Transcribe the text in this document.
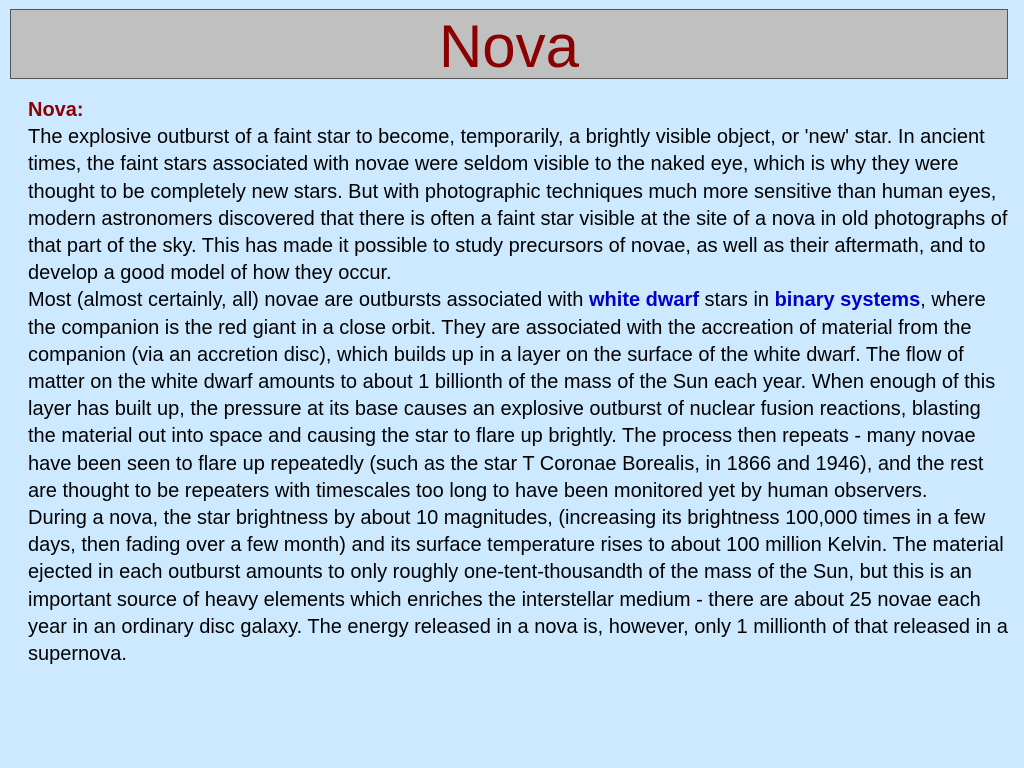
Nova
Nova:
The explosive outburst of a faint star to become, temporarily, a brightly visible object, or 'new' star. In ancient times, the faint stars associated with novae were seldom visible to the naked eye, which is why they were thought to be completely new stars. But with photographic techniques much more sensitive than human eyes, modern astronomers discovered that there is often a faint star visible at the site of a nova in old photographs of that part of the sky. This has made it possible to study precursors of novae, as well as their aftermath, and to develop a good model of how they occur.
Most (almost certainly, all) novae are outbursts associated with white dwarf stars in binary systems, where the companion is the red giant in a close orbit. They are associated with the accreation of material from the companion (via an accretion disc), which builds up in a layer on the surface of the white dwarf. The flow of matter on the white dwarf amounts to about 1 billionth of the mass of the Sun each year. When enough of this layer has built up, the pressure at its base causes an explosive outburst of nuclear fusion reactions, blasting the material out into space and causing the star to flare up brightly. The process then repeats - many novae have been seen to flare up repeatedly (such as the star T Coronae Borealis, in 1866 and 1946), and the rest are thought to be repeaters with timescales too long to have been monitored yet by human observers.
During a nova, the star brightness by about 10 magnitudes, (increasing its brightness 100,000 times in a few days, then fading over a few month) and its surface temperature rises to about 100 million Kelvin. The material ejected in each outburst amounts to only roughly one-tent-thousandth of the mass of the Sun, but this is an important source of heavy elements which enriches the interstellar medium - there are about 25 novae each year in an ordinary disc galaxy. The energy released in a nova is, however, only 1 millionth of that released in a supernova.
